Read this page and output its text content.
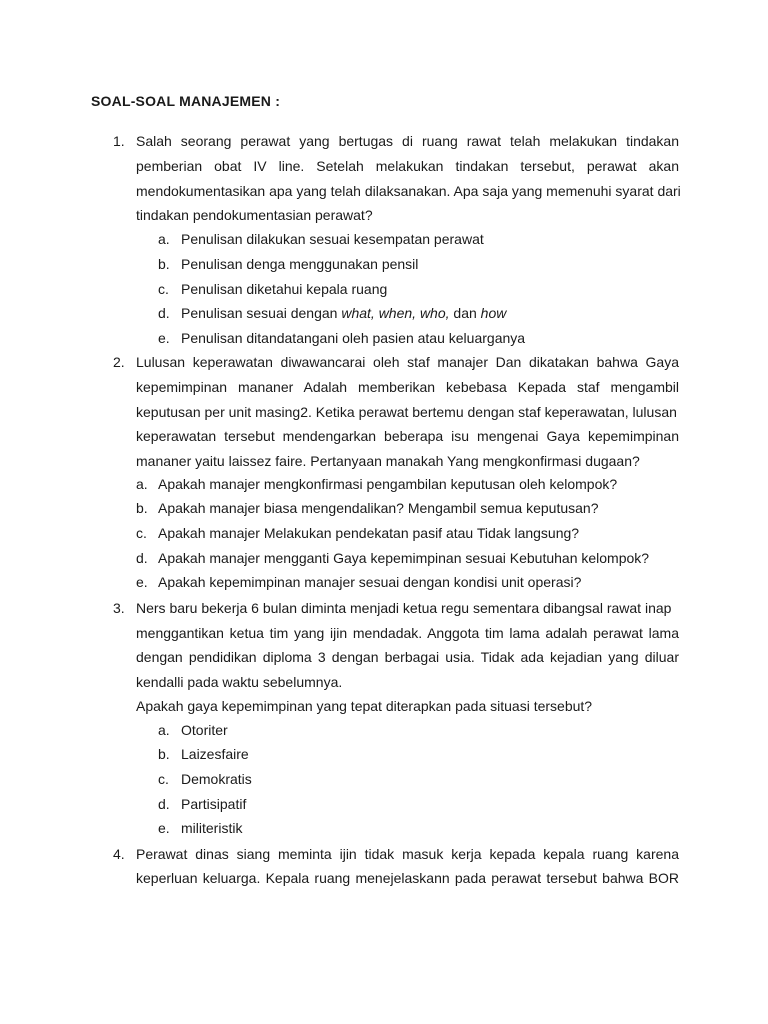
SOAL-SOAL MANAJEMEN :
1. Salah seorang perawat yang bertugas di ruang rawat telah melakukan tindakan
pemberian obat IV line. Setelah melakukan tindakan tersebut, perawat akan
mendokumentasikan apa yang telah dilaksanakan. Apa saja yang memenuhi syarat dari
tindakan pendokumentasian perawat?
a. Penulisan dilakukan sesuai kesempatan perawat
b. Penulisan denga menggunakan pensil
c. Penulisan diketahui kepala ruang
d. Penulisan sesuai dengan what, when, who, dan how
e. Penulisan ditandatangani oleh pasien atau keluarganya
2. Lulusan keperawatan diwawancarai oleh staf manajer Dan dikatakan bahwa Gaya
kepemimpinan mananer Adalah memberikan kebebasa Kepada staf mengambil
keputusan per unit masing2. Ketika perawat bertemu dengan staf keperawatan, lulusan
keperawatan tersebut mendengarkan beberapa isu mengenai Gaya kepemimpinan
mananer yaitu laissez faire. Pertanyaan manakah Yang mengkonfirmasi dugaan?
a. Apakah manajer mengkonfirmasi pengambilan keputusan oleh kelompok?
b. Apakah manajer biasa mengendalikan? Mengambil semua keputusan?
c. Apakah manajer Melakukan pendekatan pasif atau Tidak langsung?
d. Apakah manajer mengganti Gaya kepemimpinan sesuai Kebutuhan kelompok?
e. Apakah kepemimpinan manajer sesuai dengan kondisi unit operasi?
3. Ners baru bekerja 6 bulan diminta menjadi ketua regu sementara dibangsal rawat inap
menggantikan ketua tim yang ijin mendadak. Anggota tim lama adalah perawat lama
dengan pendidikan diploma 3 dengan berbagai usia. Tidak ada kejadian yang diluar
kendalli pada waktu sebelumnya.
Apakah gaya kepemimpinan yang tepat diterapkan pada situasi tersebut?
a. Otoriter
b. Laizesfaire
c. Demokratis
d. Partisipatif
e. militeristik
4. Perawat dinas siang meminta ijin tidak masuk kerja kepada kepala ruang karena
keperluan keluarga. Kepala ruang menejelaskann pada perawat tersebut bahwa BOR
